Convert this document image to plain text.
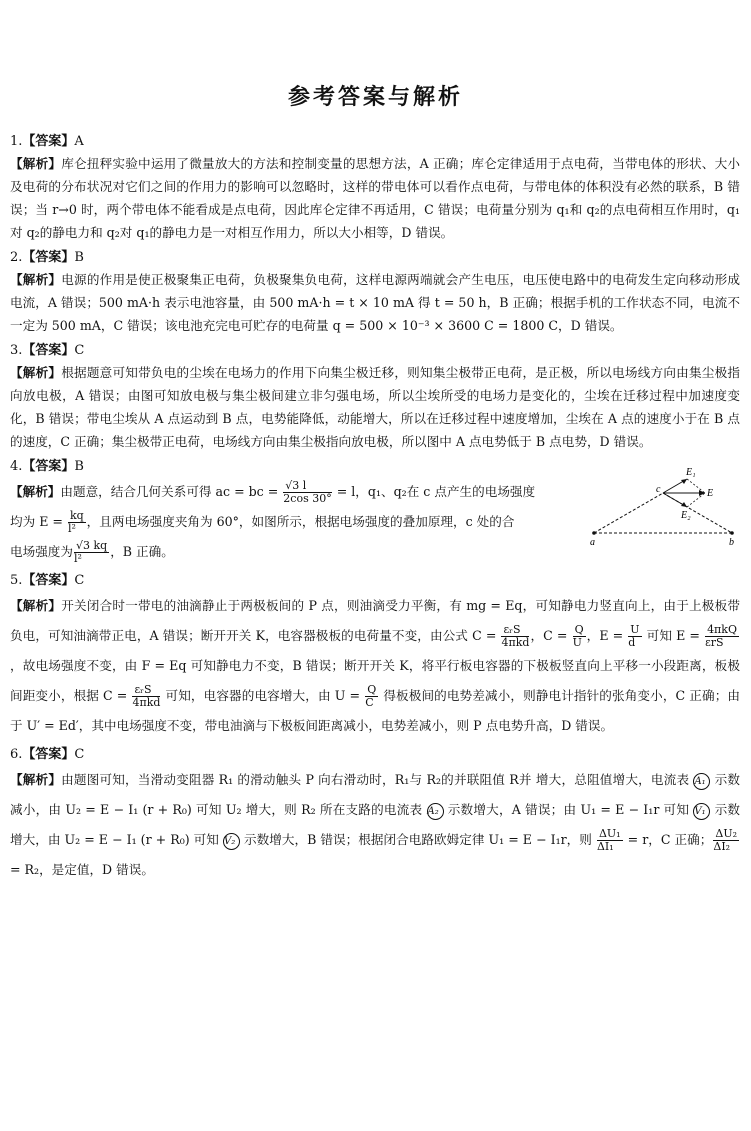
参考答案与解析

1.【答案】A

【解析】库仑扭秤实验中运用了微量放大的方法和控制变量的思想方法，A 正确；库仑定律适用于点电荷，当带电体的形状、大小及电荷的分布状况对它们之间的作用力的影响可以忽略时，这样的带电体可以看作点电荷，与带电体的体积没有必然的联系，B 错误；当 r→0 时，两个带电体不能看成是点电荷，因此库仑定律不再适用，C 错误；电荷量分别为 q₁和 q₂的点电荷相互作用时，q₁对 q₂的静电力和 q₂对 q₁的静电力是一对相互作用力，所以大小相等，D 错误。

2.【答案】B

【解析】电源的作用是使正极聚集正电荷，负极聚集负电荷，这样电源两端就会产生电压，电压使电路中的电荷发生定向移动形成电流，A 错误；500 mA·h 表示电池容量，由 500 mA·h = t × 10 mA 得 t = 50 h，B 正确；根据手机的工作状态不同，电流不一定为 500 mA，C 错误；该电池充完电可贮存的电荷量 q = 500 × 10⁻³ × 3600 C = 1800 C，D 错误。

3.【答案】C

【解析】根据题意可知带负电的尘埃在电场力的作用下向集尘极迁移，则知集尘极带正电荷，是正极，所以电场线方向由集尘极指向放电极，A 错误；由图可知放电极与集尘极间建立非匀强电场，所以尘埃所受的电场力是变化的，尘埃在迁移过程中加速度变化，B 错误；带电尘埃从 A 点运动到 B 点，电势能降低，动能增大，所以在迁移过程中速度增加，尘埃在 A 点的速度小于在 B 点的速度，C 正确；集尘极带正电荷，电场线方向由集尘极指向放电极，所以图中 A 点电势低于 B 点电势，D 错误。

4.【答案】B

【解析】由题意，结合几何关系可得 ac = bc = $\frac{√3 l}{2\cos 30^\circ} = l$，q₁、q₂在 c 点产生的电场强度
均为 $E = \frac{kq}{\text{l²}}$ ，且两电场强度夹角为 60°，如图所示，根据电场强度的叠加原理，c 处的合
电场强度为 $\frac{√3 kq}{\text{l²}}$ ，B 正确。

c
E₁
E
E₂
a	b

5.【答案】C

【解析】开关闭合时一带电的油滴静止于两极板间的 P 点，则油滴受力平衡，有 mg = Eq，可知静电力竖直向上，由于上极板带负电，可知油滴带正电，A 错误；断开开关 K，电容器极板的电荷量不变，由公式 $C = \frac{\text{εᵣS}}{\text{4πkd}}$ ，$C = \frac{Q}{U}$ ，$E = \frac{U}{d}$ 可知 $E = \frac{\text{4πkQ}}{\text{εrS}}$
，故电场强度不变，由 F = Eq 可知静电力不变，B 错误；断开开关 K，将平行板电容器的下极板竖直向上平移一小段距离，板极间距变小，根据 $C = \frac{\text{εᵣS}}{\text{4πkd}}$ 可知，电容器的电容增大，由 $U = \frac{Q}{C}$ 得板极间的电势差减小，则静电计指针的张角变小，C 正确；由于 U′ = Ed′，其中电场强度不变，带电油滴与下极板间距离减小，电势差减小，则 P 点电势升高，D 错误。

6.【答案】C

【解析】由题图可知，当滑动变阻器 R₁ 的滑动触头 P 向右滑动时，R₁与 R₂的并联阻值 R并 增大，总阻值增大，电流表 A₁ 示数减小，由 U₂ = E − I₁ (r + R₀) 可知 U₂ 增大，则 R₂ 所在支路的电流表 A₂ 示数增大，A 错误；由 U₁ = E − I₁r 可知 V₁ 示数增大，由 U₂ = E − I₁ (r + R₀) 可知 V₂ 示数增大，B 错误；根据闭合电路欧姆定律 U₁ = E − I₁r，则 $\frac{\text{ΔU₁}}{\text{ΔI₁}} = r$，C 正确； $\frac{\text{ΔU₂}}{\text{ΔI₂}}$
= R₂，是定值，D 错误。
